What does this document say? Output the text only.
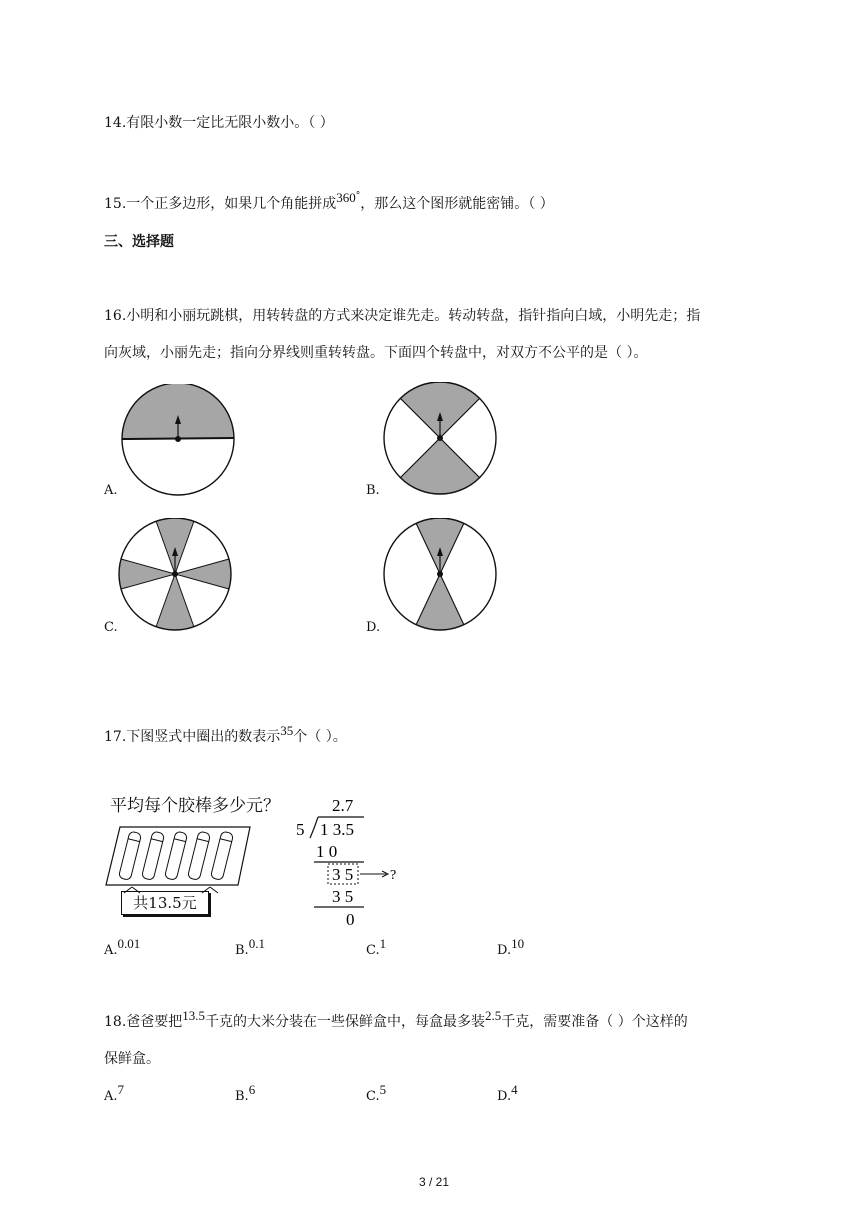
14.有限小数一定比无限小数小。（ ）
15.一个正多边形，如果几个角能拼成360°，那么这个图形就能密铺。（ ）
三、选择题
16.小明和小丽玩跳棋，用转转盘的方式来决定谁先走。转动转盘，指针指向白域，小明先走；指
向灰域，小丽先走；指向分界线则重转转盘。下面四个转盘中，对双方不公平的是（ ）。
A.	B.
C.	D.
17.下图竖式中圈出的数表示35个（ ）。
平均每个胶棒多少元？
共13.5元
2.7
5 1 3.5
1 0
3 5	?
3 5
0
A.0.01	B.0.1	C.1	D.10
18.爸爸要把13.5千克的大米分装在一些保鲜盒中，每盒最多装2.5千克，需要准备（ ）个这样的
保鲜盒。
A.7	B.6	C.5	D.4
3 / 21
